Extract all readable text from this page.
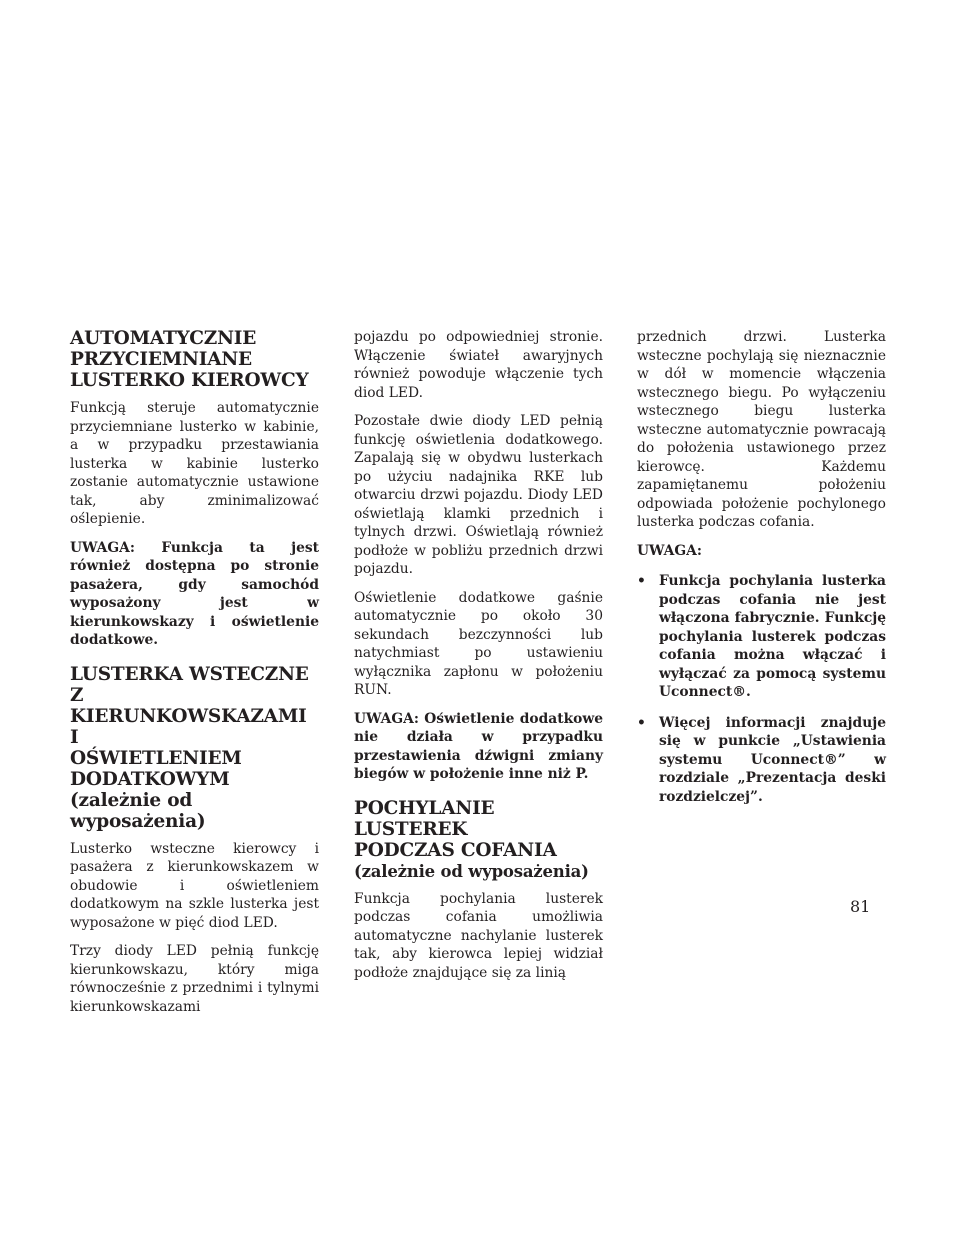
AUTOMATYCZNIE
PRZYCIEMNIANE
LUSTERKO KIEROWCY

Funkcją steruje automatycznie przyciemniane lusterko w kabinie, a w przypadku przestawiania lusterka w kabinie lusterko zostanie automatycznie ustawione tak, aby zminimalizować oślepienie.

UWAGA: Funkcja ta jest również dostępna po stronie pasażera, gdy samochód wyposażony jest w kierunkowskazy i oświetlenie dodatkowe.

LUSTERKA WSTECZNE Z
KIERUNKOWSKAZAMI I
OŚWIETLENIEM
DODATKOWYM (zależnie od wyposażenia)

Lusterko wsteczne kierowcy i pasażera z kierunkowskazem w obudowie i oświetleniem dodatkowym na szkle lusterka jest wyposażone w pięć diod LED.

Trzy diody LED pełnią funkcję kierunkowskazu, który miga równocześnie z przednimi i tylnymi kierunkowskazami

pojazdu po odpowiedniej stronie. Włączenie świateł awaryjnych również powoduje włączenie tych diod LED.

Pozostałe dwie diody LED pełnią funkcję oświetlenia dodatkowego. Zapalają się w obydwu lusterkach po użyciu nadajnika RKE lub otwarciu drzwi pojazdu. Diody LED oświetlają klamki przednich i tylnych drzwi. Oświetlają również podłoże w pobliżu przednich drzwi pojazdu.

Oświetlenie dodatkowe gaśnie automatycznie po około 30 sekundach bezczynności lub natychmiast po ustawieniu wyłącznika zapłonu w położeniu RUN.

UWAGA: Oświetlenie dodatkowe nie działa w przypadku przestawienia dźwigni zmiany biegów w położenie inne niż P.

POCHYLANIE LUSTEREK
PODCZAS COFANIA
(zależnie od wyposażenia)

Funkcja pochylania lusterek podczas cofania umożliwia automatyczne nachylanie lusterek tak, aby kierowca lepiej widział podłoże znajdujące się za linią

przednich drzwi. Lusterka wsteczne pochylają się nieznacznie w dół w momencie włączenia wstecznego biegu. Po wyłączeniu wstecznego biegu lusterka wsteczne automatycznie powracają do położenia ustawionego przez kierowcę. Każdemu zapamiętanemu położeniu odpowiada położenie pochylonego lusterka podczas cofania.

UWAGA:

• Funkcja pochylania lusterka podczas cofania nie jest włączona fabrycznie. Funkcję pochylania lusterek podczas cofania można włączać i wyłączać za pomocą systemu Uconnect®.
• Więcej informacji znajduje się w punkcie „Ustawienia systemu Uconnect®” w rozdziale „Prezentacja deski rozdzielczej”.
81
